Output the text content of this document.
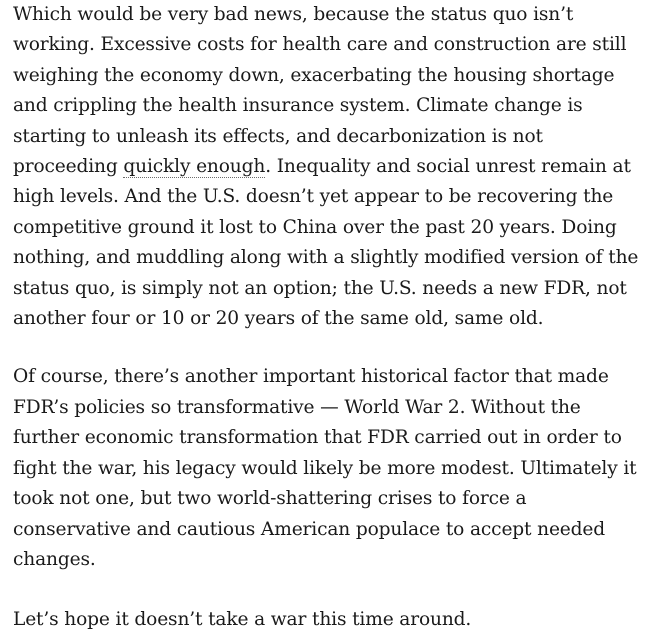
Which would be very bad news, because the status quo isn’t working. Excessive costs for health care and construction are still weighing the economy down, exacerbating the housing shortage and crippling the health insurance system. Climate change is starting to unleash its effects, and decarbonization is not proceeding quickly enough. Inequality and social unrest remain at high levels. And the U.S. doesn’t yet appear to be recovering the competitive ground it lost to China over the past 20 years. Doing nothing, and muddling along with a slightly modified version of the status quo, is simply not an option; the U.S. needs a new FDR, not another four or 10 or 20 years of the same old, same old.

Of course, there’s another important historical factor that made FDR’s policies so transformative — World War 2. Without the further economic transformation that FDR carried out in order to fight the war, his legacy would likely be more modest. Ultimately it took not one, but two world-shattering crises to force a conservative and cautious American populace to accept needed changes.

Let’s hope it doesn’t take a war this time around.
